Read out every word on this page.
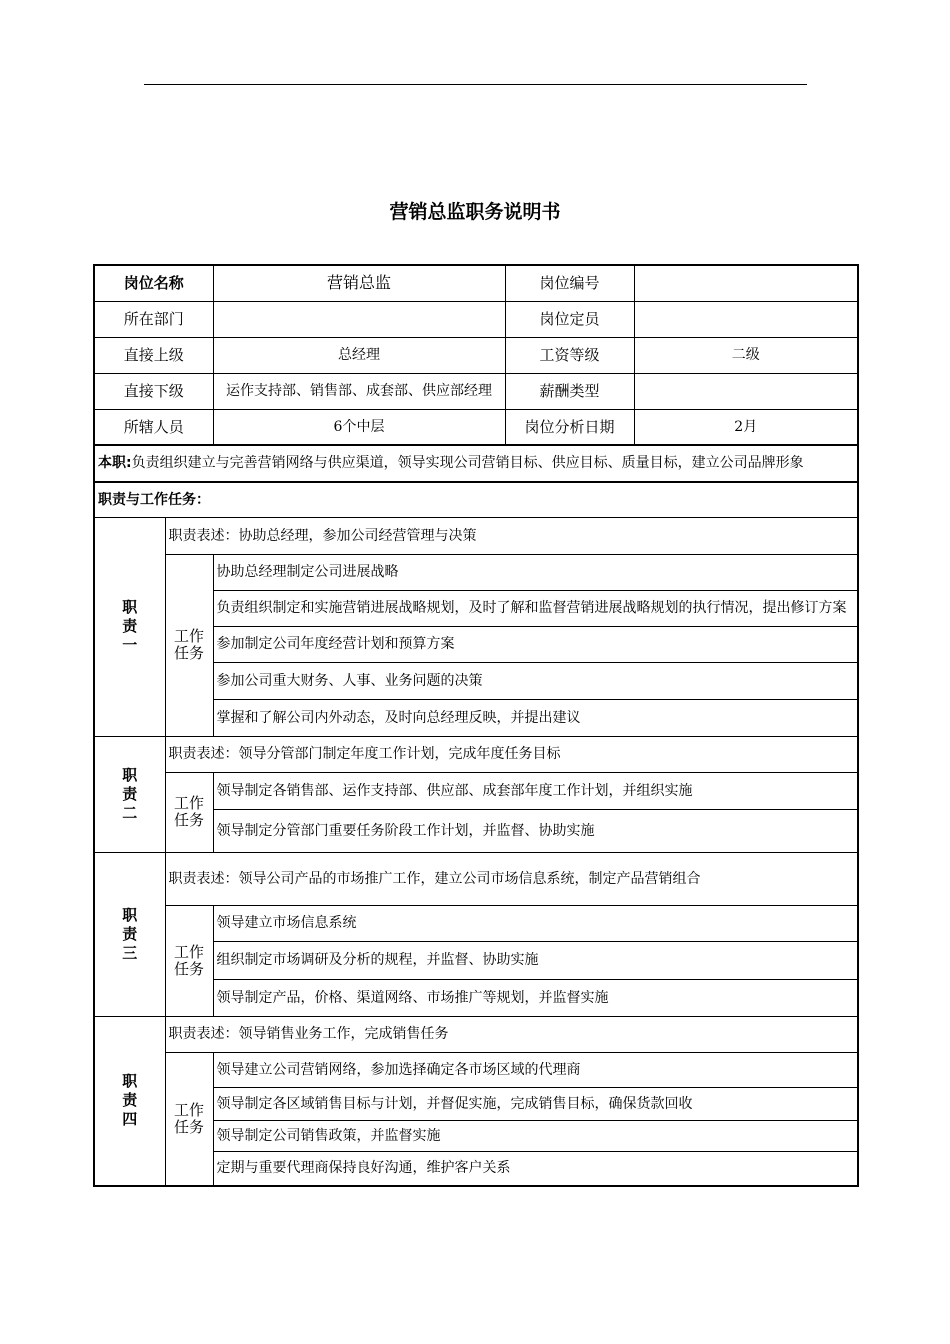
营销总监职务说明书
岗位名称		营销总监	岗位编号	
所在部门			岗位定员	
直接上级		总经理	工资等级	二级
直接下级		运作支持部、销售部、成套部、供应部经理	薪酬类型	
所辖人员		6个中层	岗位分析日期	2月
本职:负责组织建立与完善营销网络与供应渠道，领导实现公司营销目标、供应目标、质量目标，建立公司品牌形象				
职责与工作任务：				
职责一	职责表述：协助总经理，参加公司经营管理与决策			
	工作任务	协助总经理制定公司进展战略		
		负责组织制定和实施营销进展战略规划，及时了解和监督营销进展战略规划的执行情况，提出修订方案		
		参加制定公司年度经营计划和预算方案		
		参加公司重大财务、人事、业务问题的决策		
		掌握和了解公司内外动态，及时向总经理反映，并提出建议		
职责二	职责表述：领导分管部门制定年度工作计划，完成年度任务目标			
	工作任务	领导制定各销售部、运作支持部、供应部、成套部年度工作计划，并组织实施		
		领导制定分管部门重要任务阶段工作计划，并监督、协助实施		
职责三	职责表述：领导公司产品的市场推广工作，建立公司市场信息系统，制定产品营销组合			
	工作任务	领导建立市场信息系统		
		组织制定市场调研及分析的规程，并监督、协助实施		
		领导制定产品，价格、渠道网络、市场推广等规划，并监督实施		
职责四	职责表述：领导销售业务工作，完成销售任务			
	工作任务	领导建立公司营销网络，参加选择确定各市场区域的代理商		
		领导制定各区域销售目标与计划，并督促实施，完成销售目标，确保货款回收		
		领导制定公司销售政策，并监督实施		
		定期与重要代理商保持良好沟通，维护客户关系		
